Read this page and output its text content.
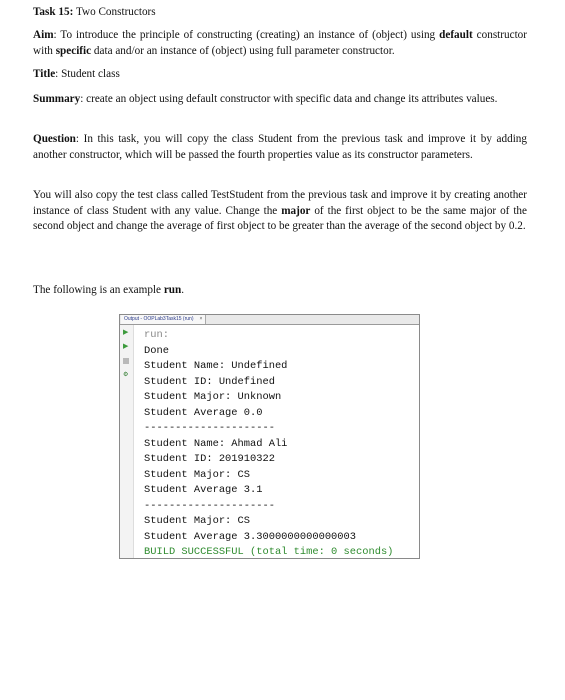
Task 15: Two Constructors

Aim: To introduce the principle of constructing (creating) an instance of (object) using default constructor with specific data and/or an instance of (object) using full parameter constructor.

Title: Student class

Summary: create an object using default constructor with specific data and change its attributes values.

Question: In this task, you will copy the class Student from the previous task and improve it by adding another constructor, which will be passed the fourth properties value as its constructor parameters.

You will also copy the test class called TestStudent from the previous task and improve it by creating another instance of class Student with any value. Change the major of the first object to be the same major of the second object and change the average of first object to be greater than the average of the second object by 0.2.

The following is an example run.

Output - OOPLab3Task15 (run) ×
▶
▶
⚙
run:
Done
Student Name: Undefined
Student ID: Undefined
Student Major: Unknown
Student Average 0.0
---------------------
Student Name: Ahmad Ali
Student ID: 201910322
Student Major: CS
Student Average 3.1
---------------------
Student Major: CS
Student Average 3.3000000000000003
BUILD SUCCESSFUL (total time: 0 seconds)
